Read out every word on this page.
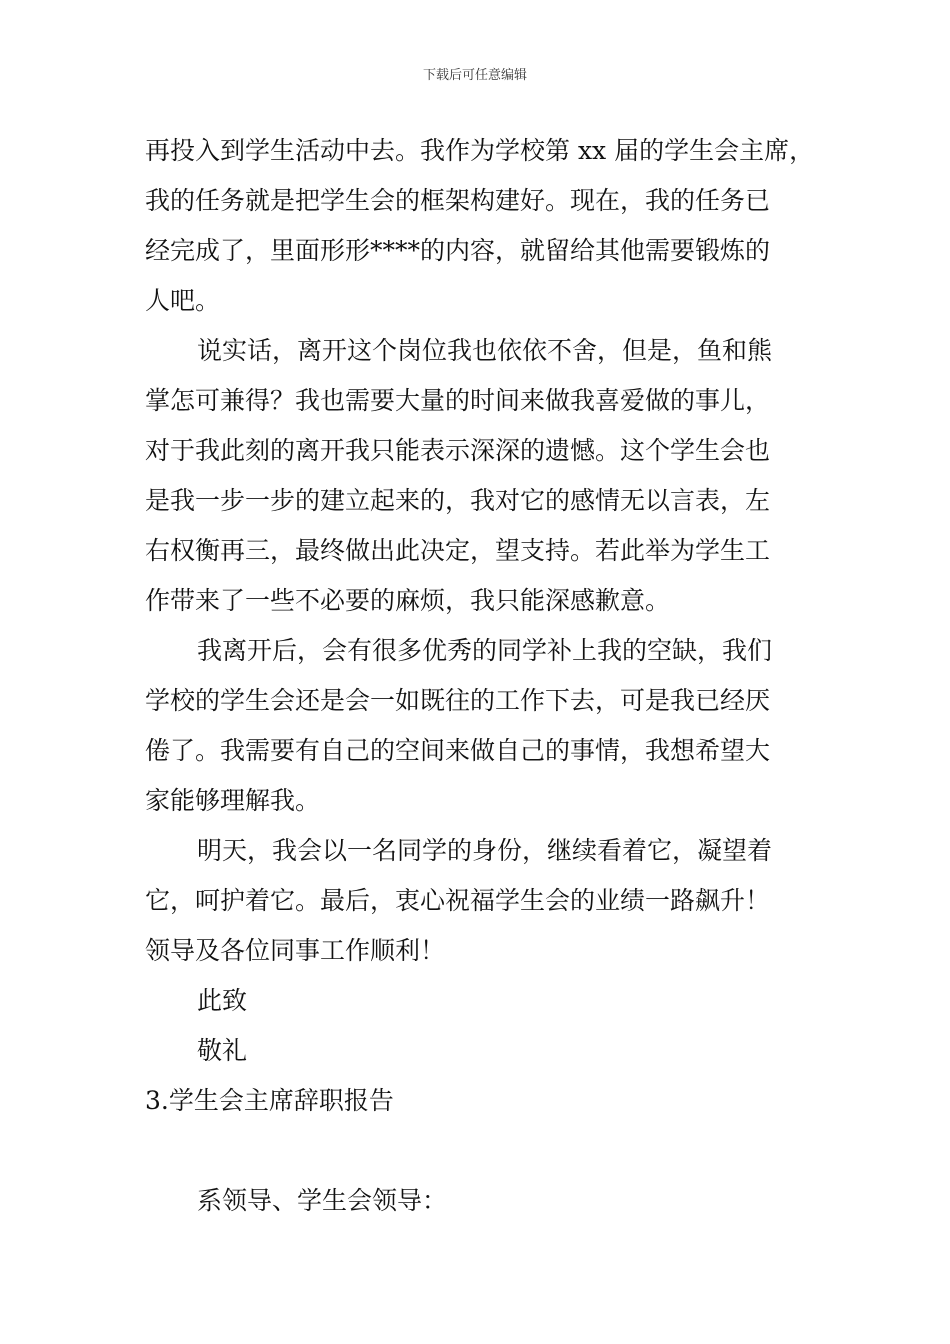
下载后可任意编辑
再投入到学生活动中去。我作为学校第 xx 届的学生会主席，
我的任务就是把学生会的框架构建好。现在，我的任务已
经完成了，里面形形****的内容，就留给其他需要锻炼的
人吧。
说实话，离开这个岗位我也依依不舍，但是，鱼和熊
掌怎可兼得？我也需要大量的时间来做我喜爱做的事儿，
对于我此刻的离开我只能表示深深的遗憾。这个学生会也
是我一步一步的建立起来的，我对它的感情无以言表，左
右权衡再三，最终做出此决定，望支持。若此举为学生工
作带来了一些不必要的麻烦，我只能深感歉意。
我离开后，会有很多优秀的同学补上我的空缺，我们
学校的学生会还是会一如既往的工作下去，可是我已经厌
倦了。我需要有自己的空间来做自己的事情，我想希望大
家能够理解我。
明天，我会以一名同学的身份，继续看着它，凝望着
它，呵护着它。最后，衷心祝福学生会的业绩一路飙升！
领导及各位同事工作顺利！
此致
敬礼
3.学生会主席辞职报告
系领导、学生会领导：
